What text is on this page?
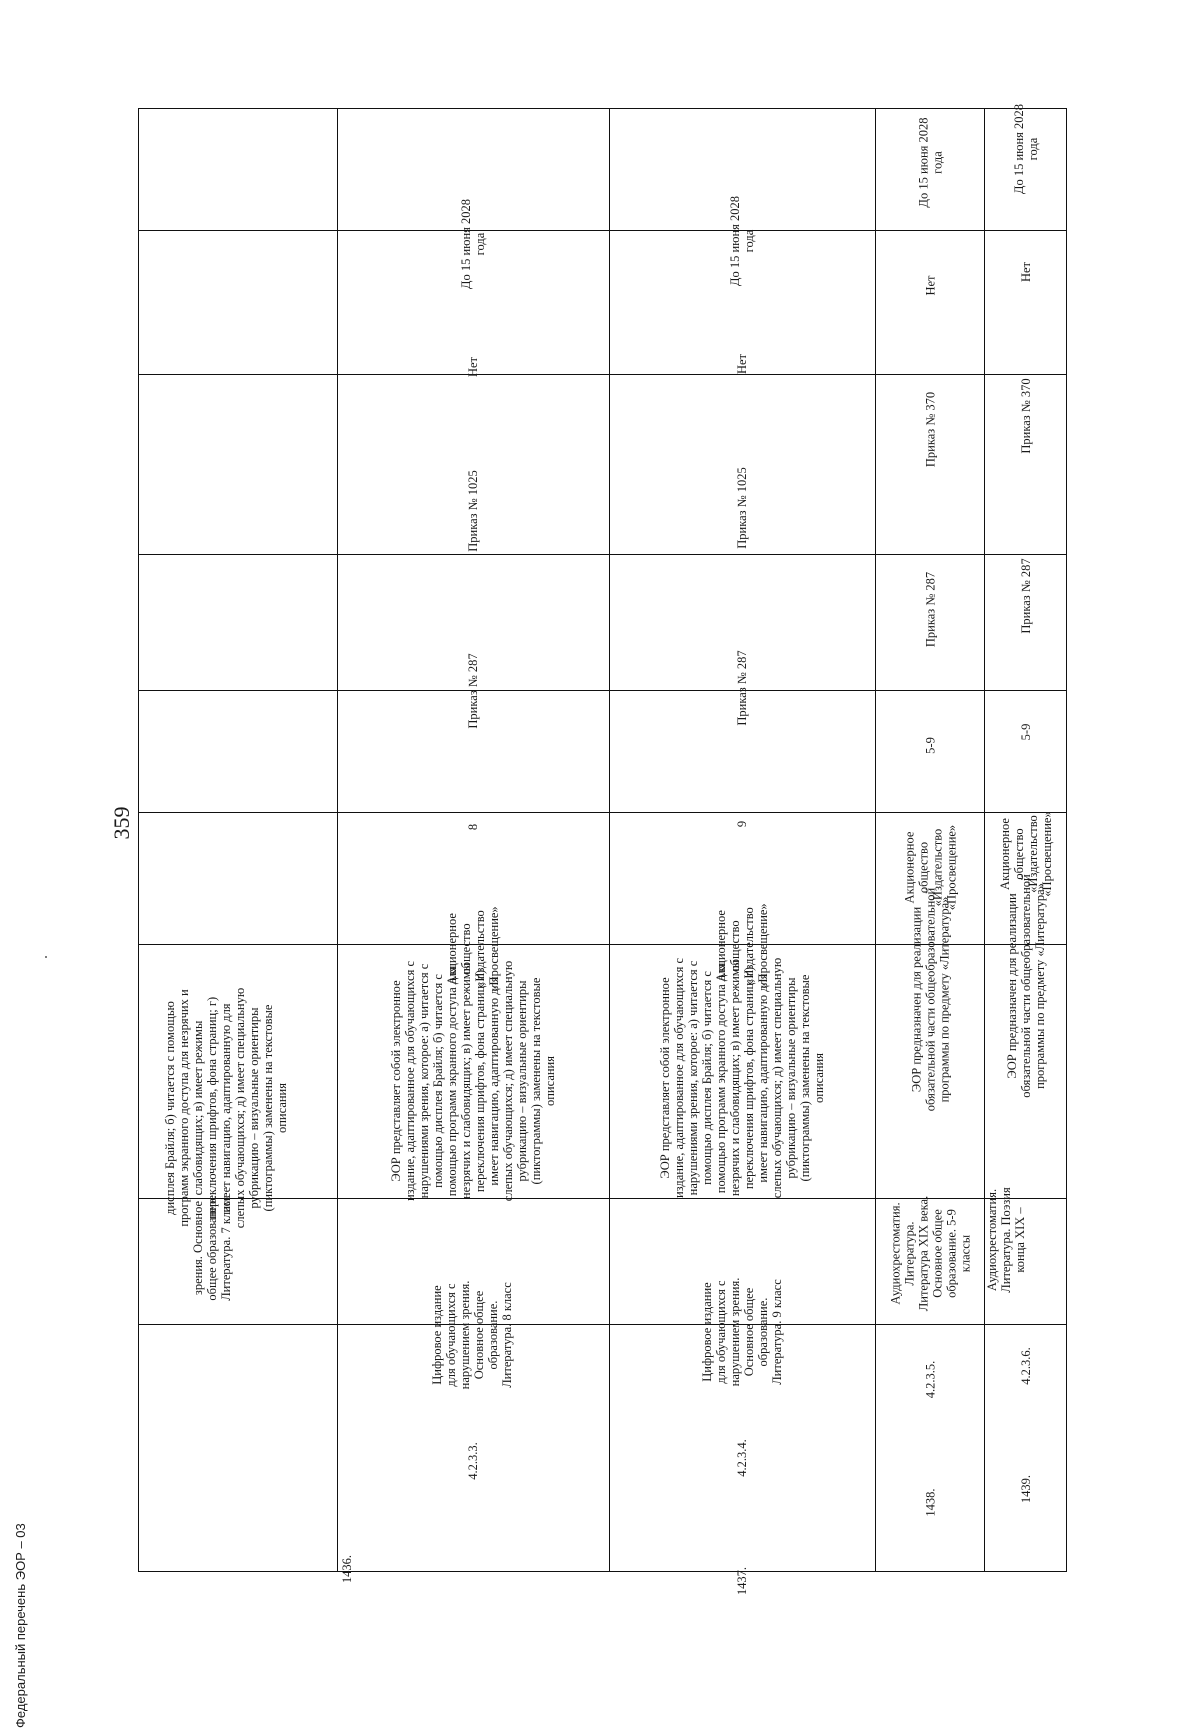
359
Федеральный перечень ЭОР – 03
дисплея Брайля; б) читается с помощью программ экранного доступа для незрячих и слабовидящих; в) имеет режимы переключения шрифтов, фона страниц; г) имеет навигацию, адаптированную для слепых обучающихся; д) имеет специальную рубрикацию – визуальные ориентиры (пиктограммы) заменены на текстовые описания
зрения. Основное общее образование. Литература. 7 класс
1436.
4.2.3.3.
Цифровое издание для обучающихся с нарушением зрения. Основное общее образование. Литература. 8 класс
ЭОР представляет собой электронное издание, адаптированное для обучающихся с нарушениями зрения, которое: а) читается с помощью дисплея Брайля; б) читается с помощью программ экранного доступа для незрячих и слабовидящих; в) имеет режимы переключения шрифтов, фона страниц; г) имеет навигацию, адаптированную для слепых обучающихся; д) имеет специальную рубрикацию – визуальные ориентиры (пиктограммы) заменены на текстовые описания
Акционерное общество «Издательство «Просвещение»
8
Приказ № 287
Приказ № 1025
Нет
До 15 июня 2028 года
1437.
4.2.3.4.
Цифровое издание для обучающихся с нарушением зрения. Основное общее образование. Литература. 9 класс
ЭОР представляет собой электронное издание, адаптированное для обучающихся с нарушениями зрения, которое: а) читается с помощью дисплея Брайля; б) читается с помощью программ экранного доступа для незрячих и слабовидящих; в) имеет режимы переключения шрифтов, фона страниц; г) имеет навигацию, адаптированную для слепых обучающихся; д) имеет специальную рубрикацию – визуальные ориентиры (пиктограммы) заменены на текстовые описания
Акционерное общество «Издательство «Просвещение»
9
Приказ № 287
Приказ № 1025
Нет
До 15 июня 2028 года
1438.
4.2.3.5.
Аудиохрестоматия. Литература. Литература XIX века. Основное общее образование. 5-9 классы
ЭОР предназначен для реализации обязательной части общеобразовательной программы по предмету «Литература»
Акционерное общество «Издательство «Просвещение»
5-9
Приказ № 287
Приказ № 370
Нет
До 15 июня 2028 года
1439.
4.2.3.6.
Аудиохрестоматия. Литература. Поэзия конца XIX –
ЭОР предназначен для реализации обязательной части общеобразовательной программы по предмету «Литература»
Акционерное общество «Издательство «Просвещение»
5-9
Приказ № 287
Приказ № 370
Нет
До 15 июня 2028 года
